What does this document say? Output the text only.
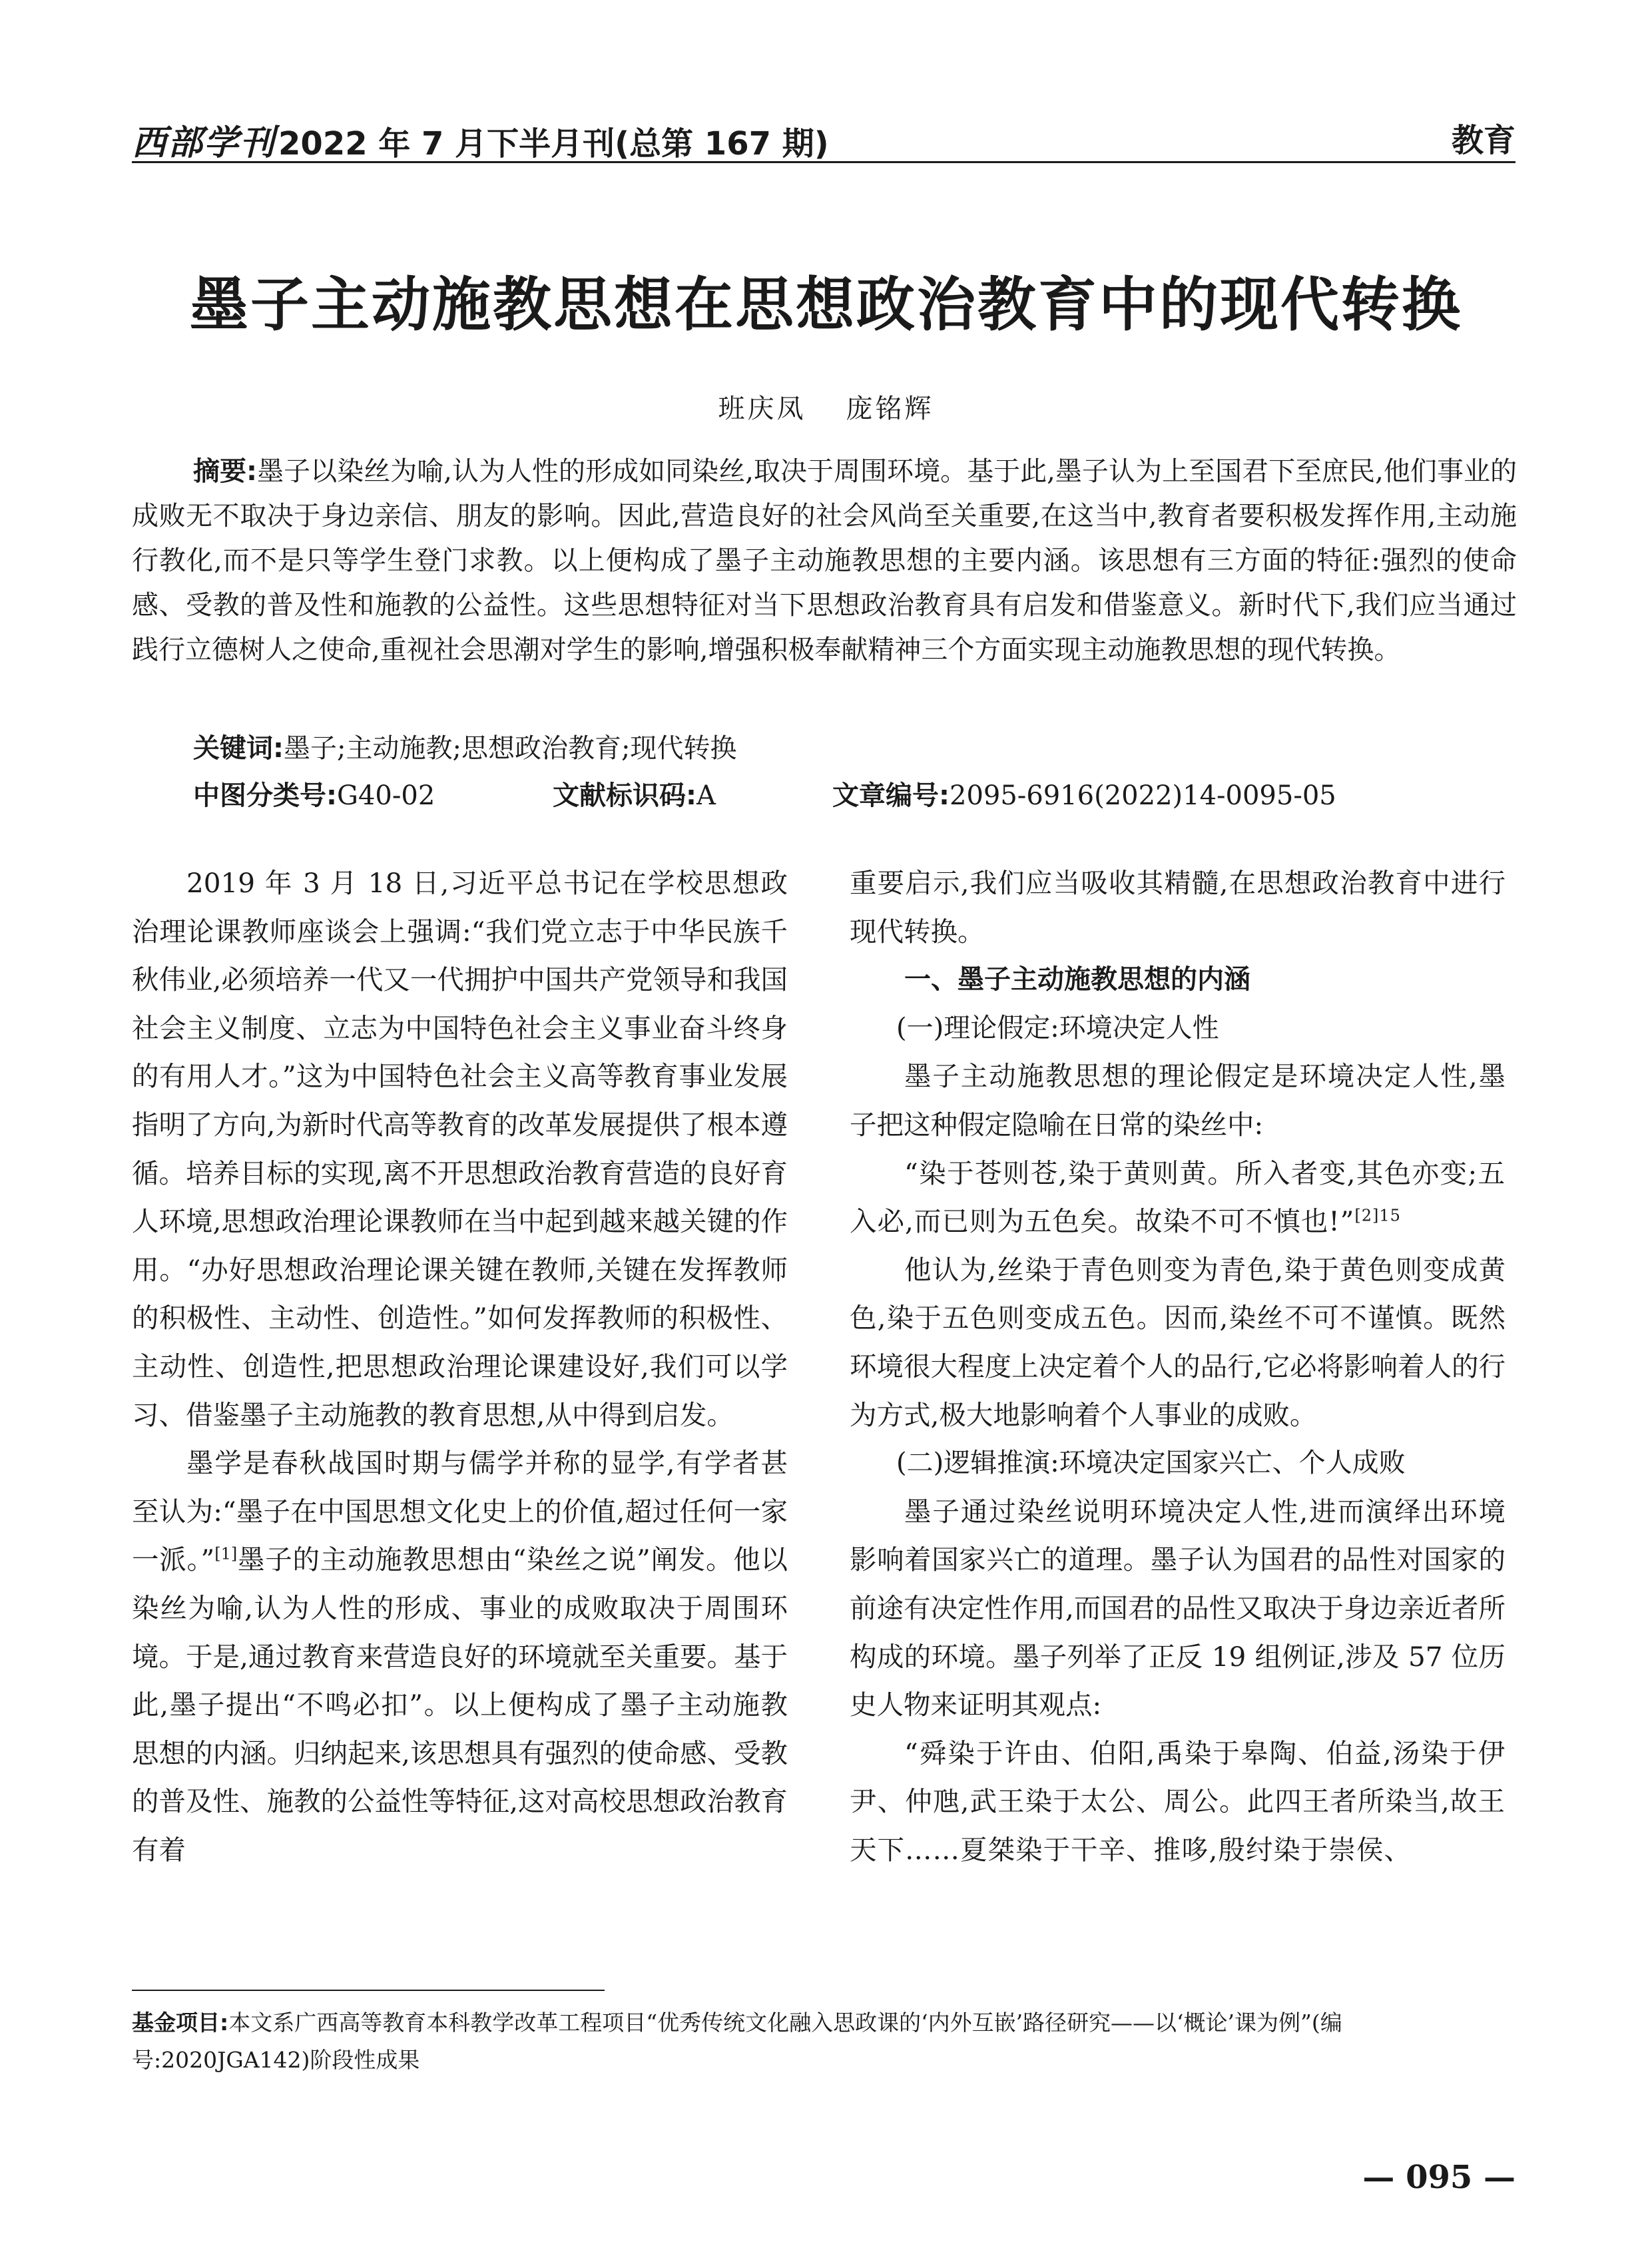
西部学刊2022 年 7 月下半月刊(总第 167 期)	教育
墨子主动施教思想在思想政治教育中的现代转换
班庆凤 庞铭辉
摘要:墨子以染丝为喻,认为人性的形成如同染丝,取决于周围环境。基于此,墨子认为上至国君下至庶民,他们事业的成败无不取决于身边亲信、朋友的影响。因此,营造良好的社会风尚至关重要,在这当中,教育者要积极发挥作用,主动施行教化,而不是只等学生登门求教。以上便构成了墨子主动施教思想的主要内涵。该思想有三方面的特征:强烈的使命感、受教的普及性和施教的公益性。这些思想特征对当下思想政治教育具有启发和借鉴意义。新时代下,我们应当通过践行立德树人之使命,重视社会思潮对学生的影响,增强积极奉献精神三个方面实现主动施教思想的现代转换。
关键词:墨子;主动施教;思想政治教育;现代转换
中图分类号:G40-02	文献标识码:A	文章编号:2095-6916(2022)14-0095-05

2019 年 3 月 18 日,习近平总书记在学校思想政治理论课教师座谈会上强调:“我们党立志于中华民族千秋伟业,必须培养一代又一代拥护中国共产党领导和我国社会主义制度、立志为中国特色社会主义事业奋斗终身的有用人才。”这为中国特色社会主义高等教育事业发展指明了方向,为新时代高等教育的改革发展提供了根本遵循。培养目标的实现,离不开思想政治教育营造的良好育人环境,思想政治理论课教师在当中起到越来越关键的作用。“办好思想政治理论课关键在教师,关键在发挥教师的积极性、主动性、创造性。”如何发挥教师的积极性、主动性、创造性,把思想政治理论课建设好,我们可以学习、借鉴墨子主动施教的教育思想,从中得到启发。

墨学是春秋战国时期与儒学并称的显学,有学者甚至认为:“墨子在中国思想文化史上的价值,超过任何一家一派。”[1]墨子的主动施教思想由“染丝之说”阐发。他以染丝为喻,认为人性的形成、事业的成败取决于周围环境。于是,通过教育来营造良好的环境就至关重要。基于此,墨子提出“不鸣必扣”。以上便构成了墨子主动施教思想的内涵。归纳起来,该思想具有强烈的使命感、受教的普及性、施教的公益性等特征,这对高校思想政治教育有着

重要启示,我们应当吸收其精髓,在思想政治教育中进行现代转换。

一、墨子主动施教思想的内涵
(一)理论假定:环境决定人性

墨子主动施教思想的理论假定是环境决定人性,墨子把这种假定隐喻在日常的染丝中:

“染于苍则苍,染于黄则黄。所入者变,其色亦变;五入必,而已则为五色矣。故染不可不慎也!”$^{[2]15}$

他认为,丝染于青色则变为青色,染于黄色则变成黄色,染于五色则变成五色。因而,染丝不可不谨慎。既然环境很大程度上决定着个人的品行,它必将影响着人的行为方式,极大地影响着个人事业的成败。

(二)逻辑推演:环境决定国家兴亡、个人成败

墨子通过染丝说明环境决定人性,进而演绎出环境影响着国家兴亡的道理。墨子认为国君的品性对国家的前途有决定性作用,而国君的品性又取决于身边亲近者所构成的环境。墨子列举了正反 19 组例证,涉及 57 位历史人物来证明其观点:

“舜染于许由、伯阳,禹染于皋陶、伯益,汤染于伊尹、仲虺,武王染于太公、周公。此四王者所染当,故王天下……夏桀染于干辛、推哆,殷纣染于崇侯、

基金项目:本文系广西高等教育本科教学改革工程项目“优秀传统文化融入思政课的‘内外互嵌’路径研究——以‘概论’课为例”(编号:2020JGA142)阶段性成果
— 095 —
